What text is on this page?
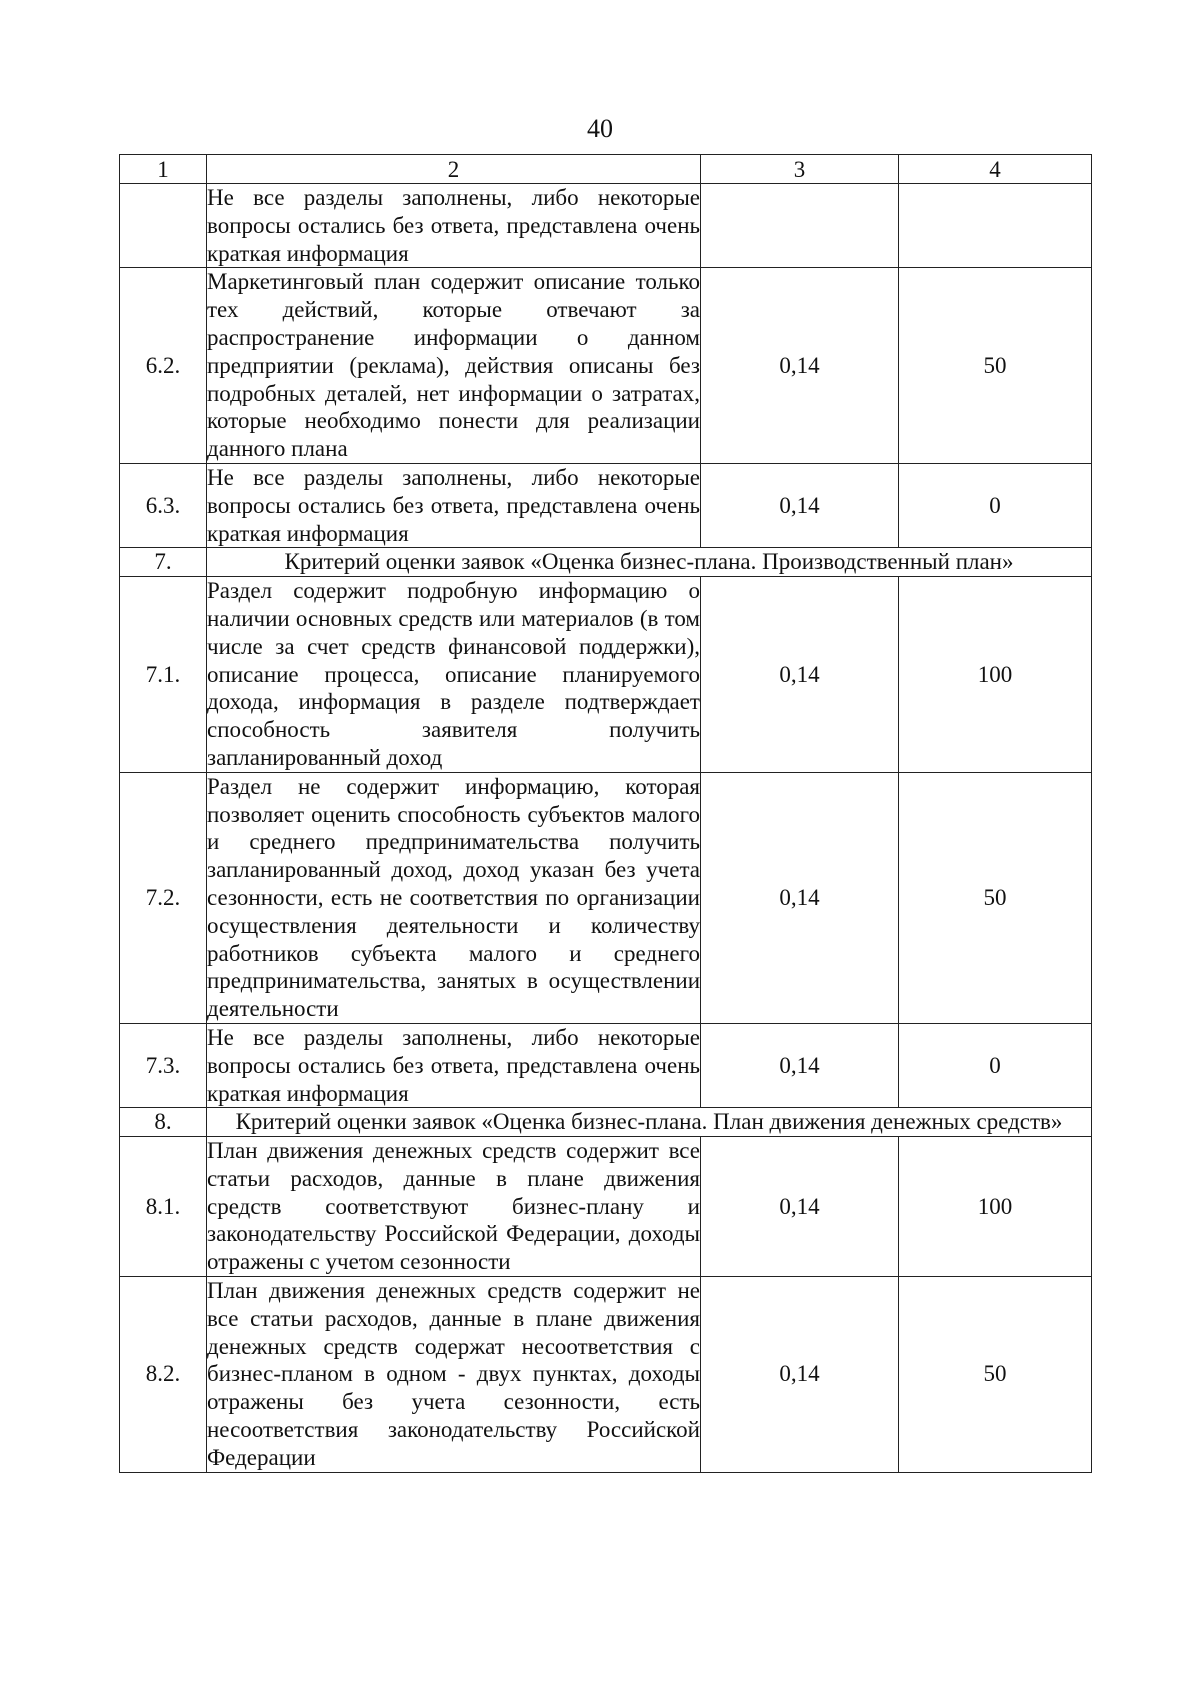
40
1	2	3	4
	Не все разделы заполнены, либо некоторые вопросы остались без ответа, представлена очень краткая информация		
6.2.	Маркетинговый план содержит описание только тех действий, которые отвечают за распространение информации о данном предприятии (реклама), действия описаны без подробных деталей, нет информации о затратах, которые необходимо понести для реализации данного плана	0,14	50
6.3.	Не все разделы заполнены, либо некоторые вопросы остались без ответа, представлена очень краткая информация	0,14	0
7.	Критерий оценки заявок «Оценка бизнес-плана. Производственный план»		
7.1.	Раздел содержит подробную информацию о наличии основных средств или материалов (в том числе за счет средств финансовой поддержки), описание процесса, описание планируемого дохода, информация в разделе подтверждает способность заявителя получить запланированный доход	0,14	100
7.2.	Раздел не содержит информацию, которая позволяет оценить способность субъектов малого и среднего предпринимательства получить запланированный доход, доход указан без учета сезонности, есть не соответствия по организации осуществления деятельности и количеству работников субъекта малого и среднего предпринимательства, занятых в осуществлении деятельности	0,14	50
7.3.	Не все разделы заполнены, либо некоторые вопросы остались без ответа, представлена очень краткая информация	0,14	0
8.	Критерий оценки заявок «Оценка бизнес-плана. План движения денежных средств»		
8.1.	План движения денежных средств содержит все статьи расходов, данные в плане движения средств соответствуют бизнес-плану и законодательству Российской Федерации, доходы отражены с учетом сезонности	0,14	100
8.2.	План движения денежных средств содержит не все статьи расходов, данные в плане движения денежных средств содержат несоответствия с бизнес-планом в одном - двух пунктах, доходы отражены без учета сезонности, есть несоответствия законодательству Российской Федерации	0,14	50
